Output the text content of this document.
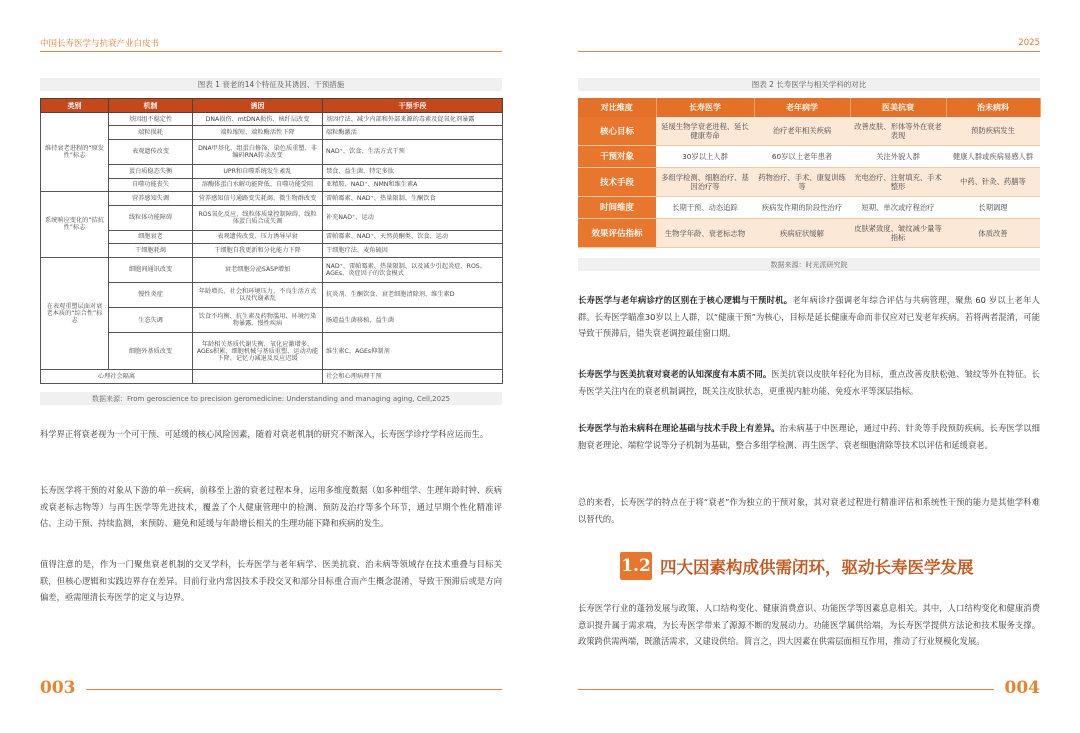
中国长寿医学与抗衰产业白皮书	2025
图表 1 衰老的14个特征及其诱因、干预措施
类别	机制	诱因	干预手段
维持衰老进程的“原发性”标志	基因组不稳定性	DNA损伤、mtDNA损伤、核纤层改变	基因疗法、减少内部和外部来源的毒素及促氧化剂暴露
	端粒损耗	端粒缩短、端粒酶活性下降	端粒酶激活
	表观遗传改变	DNA甲基化、组蛋白修饰、染色质重塑、非编码RNA转录改变	NAD⁺、饮食、生活方式干预
	蛋白质稳态失衡	UPR和自噬系统发生紊乱	禁食、益生菌、特定多肽
	自噬功能丧失	溶酶体蛋白水解功能降低、自噬功能受阻	亚精胺、NAD⁺、NMN和维生素A
系统响应变化的“拮抗性”标志	营养感知失调	营养感知信号通路变失耗竭、微生物群改变	雷帕霉素、NAD⁺、热量限制、生酮饮食
	线粒体功能障碍	ROS氧化反应、线粒体质量控制障碍、线粒体蛋白质合成失调	补充NAD⁺、运动
	细胞衰老	表观遗传改变、压力诱导早衰	雷帕霉素、NAD⁺、天然黄酮类、饮食、运动
	干细胞耗竭	干细胞自我更新和分化能力下降	干细胞疗法、麦角硫因
在表观重塑层面对衰老本质的“综合性”标志	细胞间通讯改变	衰老细胞分泌SASP增加	NAD⁺、雷帕霉素、热量限制、以及减少引起炎症、ROS、AGEs、炎症因子的饮食模式
	慢性炎症	年龄增长、社会和环境压力、不良生活方式以及代谢紊乱	抗炎剂、生酮饮食、衰老细胞清除剂、维生素D
	生态失调	饮食不均衡、抗生素及药物滥用、环境污染物暴露、慢性疾病	肠道益生菌移植、益生菌
	细胞外基质改变	年龄相关基质代谢失衡、氧化应激增多、AGEs积累、细胞机械与基质重塑、运动功能下降、记忆力减退及反应迟缓	维生素C、AGEs抑制剂
心理社会隔离			社会和心理病理干预
数据来源：From geroscience to precision geromedicine: Understanding and managing aging, Cell,2025

科学界正将衰老视为一个可干预、可延缓的核心风险因素，随着对衰老机制的研究不断深入，长寿医学诊疗学科应运而生。

长寿医学将干预的对象从下游的单一疾病，前移至上游的衰老过程本身，运用多维度数据（如多种组学、生理年龄时钟、疾病或衰老标志物等）与再生医学等先进技术，覆盖了个人健康管理中的检测、预防及治疗等多个环节，通过早期个性化精准评估、主动干预、持续监测，来预防、避免和延缓与年龄增长相关的生理功能下降和疾病的发生。

值得注意的是，作为一门聚焦衰老机制的交叉学科，长寿医学与老年病学、医美抗衰、治未病等领域存在技术重叠与目标关联，但核心逻辑和实践边界存在差异。目前行业内常因技术手段交叉和部分目标重合而产生概念混淆，导致干预滞后或是方向偏差，亟需厘清长寿医学的定义与边界。

003
图表 2 长寿医学与相关学科的对比
对比维度	长寿医学	老年病学	医美抗衰	治未病科
核心目标	延缓生物学衰老进程、延长健康寿命	治疗老年相关疾病	改善皮肤、形体等外在衰老表现	预防疾病发生
干预对象	30岁以上人群	60岁以上老年患者	关注外貌人群	健康人群或疾病易感人群
技术手段	多组学检测、细胞治疗、基因治疗等	药物治疗、手术、康复训练等	光电治疗、注射填充、手术整形	中药、针灸、药膳等
时间维度	长期干预、动态追踪	疾病发作期的阶段性治疗	短期、单次或疗程治疗	长期调理
效果评估指标	生物学年龄、衰老标志物	疾病症状缓解	皮肤紧致度、皱纹减少量等指标	体质改善
数据来源：时光派研究院

长寿医学与老年病诊疗的区别在于核心逻辑与干预时机。老年病诊疗强调老年综合评估与共病管理，聚焦 60 岁以上老年人群。长寿医学瞄准30岁以上人群，以“健康干预”为核心，目标是延长健康寿命而非仅应对已发老年疾病。若将两者混淆，可能导致干预滞后，错失衰老调控最佳窗口期。

长寿医学与医美抗衰对衰老的认知深度有本质不同。医美抗衰以皮肤年轻化为目标，重点改善皮肤松弛、皱纹等外在特征。长寿医学关注内在的衰老机制调控，既关注皮肤状态，更重视内脏功能、免疫水平等深层指标。

长寿医学与治未病科在理论基础与技术手段上有差异。治未病基于中医理论，通过中药、针灸等手段预防疾病。长寿医学以细胞衰老理论、端粒学说等分子机制为基础，整合多组学检测、再生医学、衰老细胞清除等技术以评估和延缓衰老。

总的来看，长寿医学的特点在于将“衰老”作为独立的干预对象，其对衰老过程进行精准评估和系统性干预的能力是其他学科难以替代的。

1.2 四大因素构成供需闭环，驱动长寿医学发展

长寿医学行业的蓬勃发展与政策、人口结构变化、健康消费意识、功能医学等因素息息相关。其中，人口结构变化和健康消费意识提升属于需求端，为长寿医学带来了源源不断的发展动力。功能医学属供给端，为长寿医学提供方法论和技术服务支撑。政策跨供需两端，既激活需求，又建设供给。简言之，四大因素在供需层面相互作用，推动了行业规模化发展。

004
